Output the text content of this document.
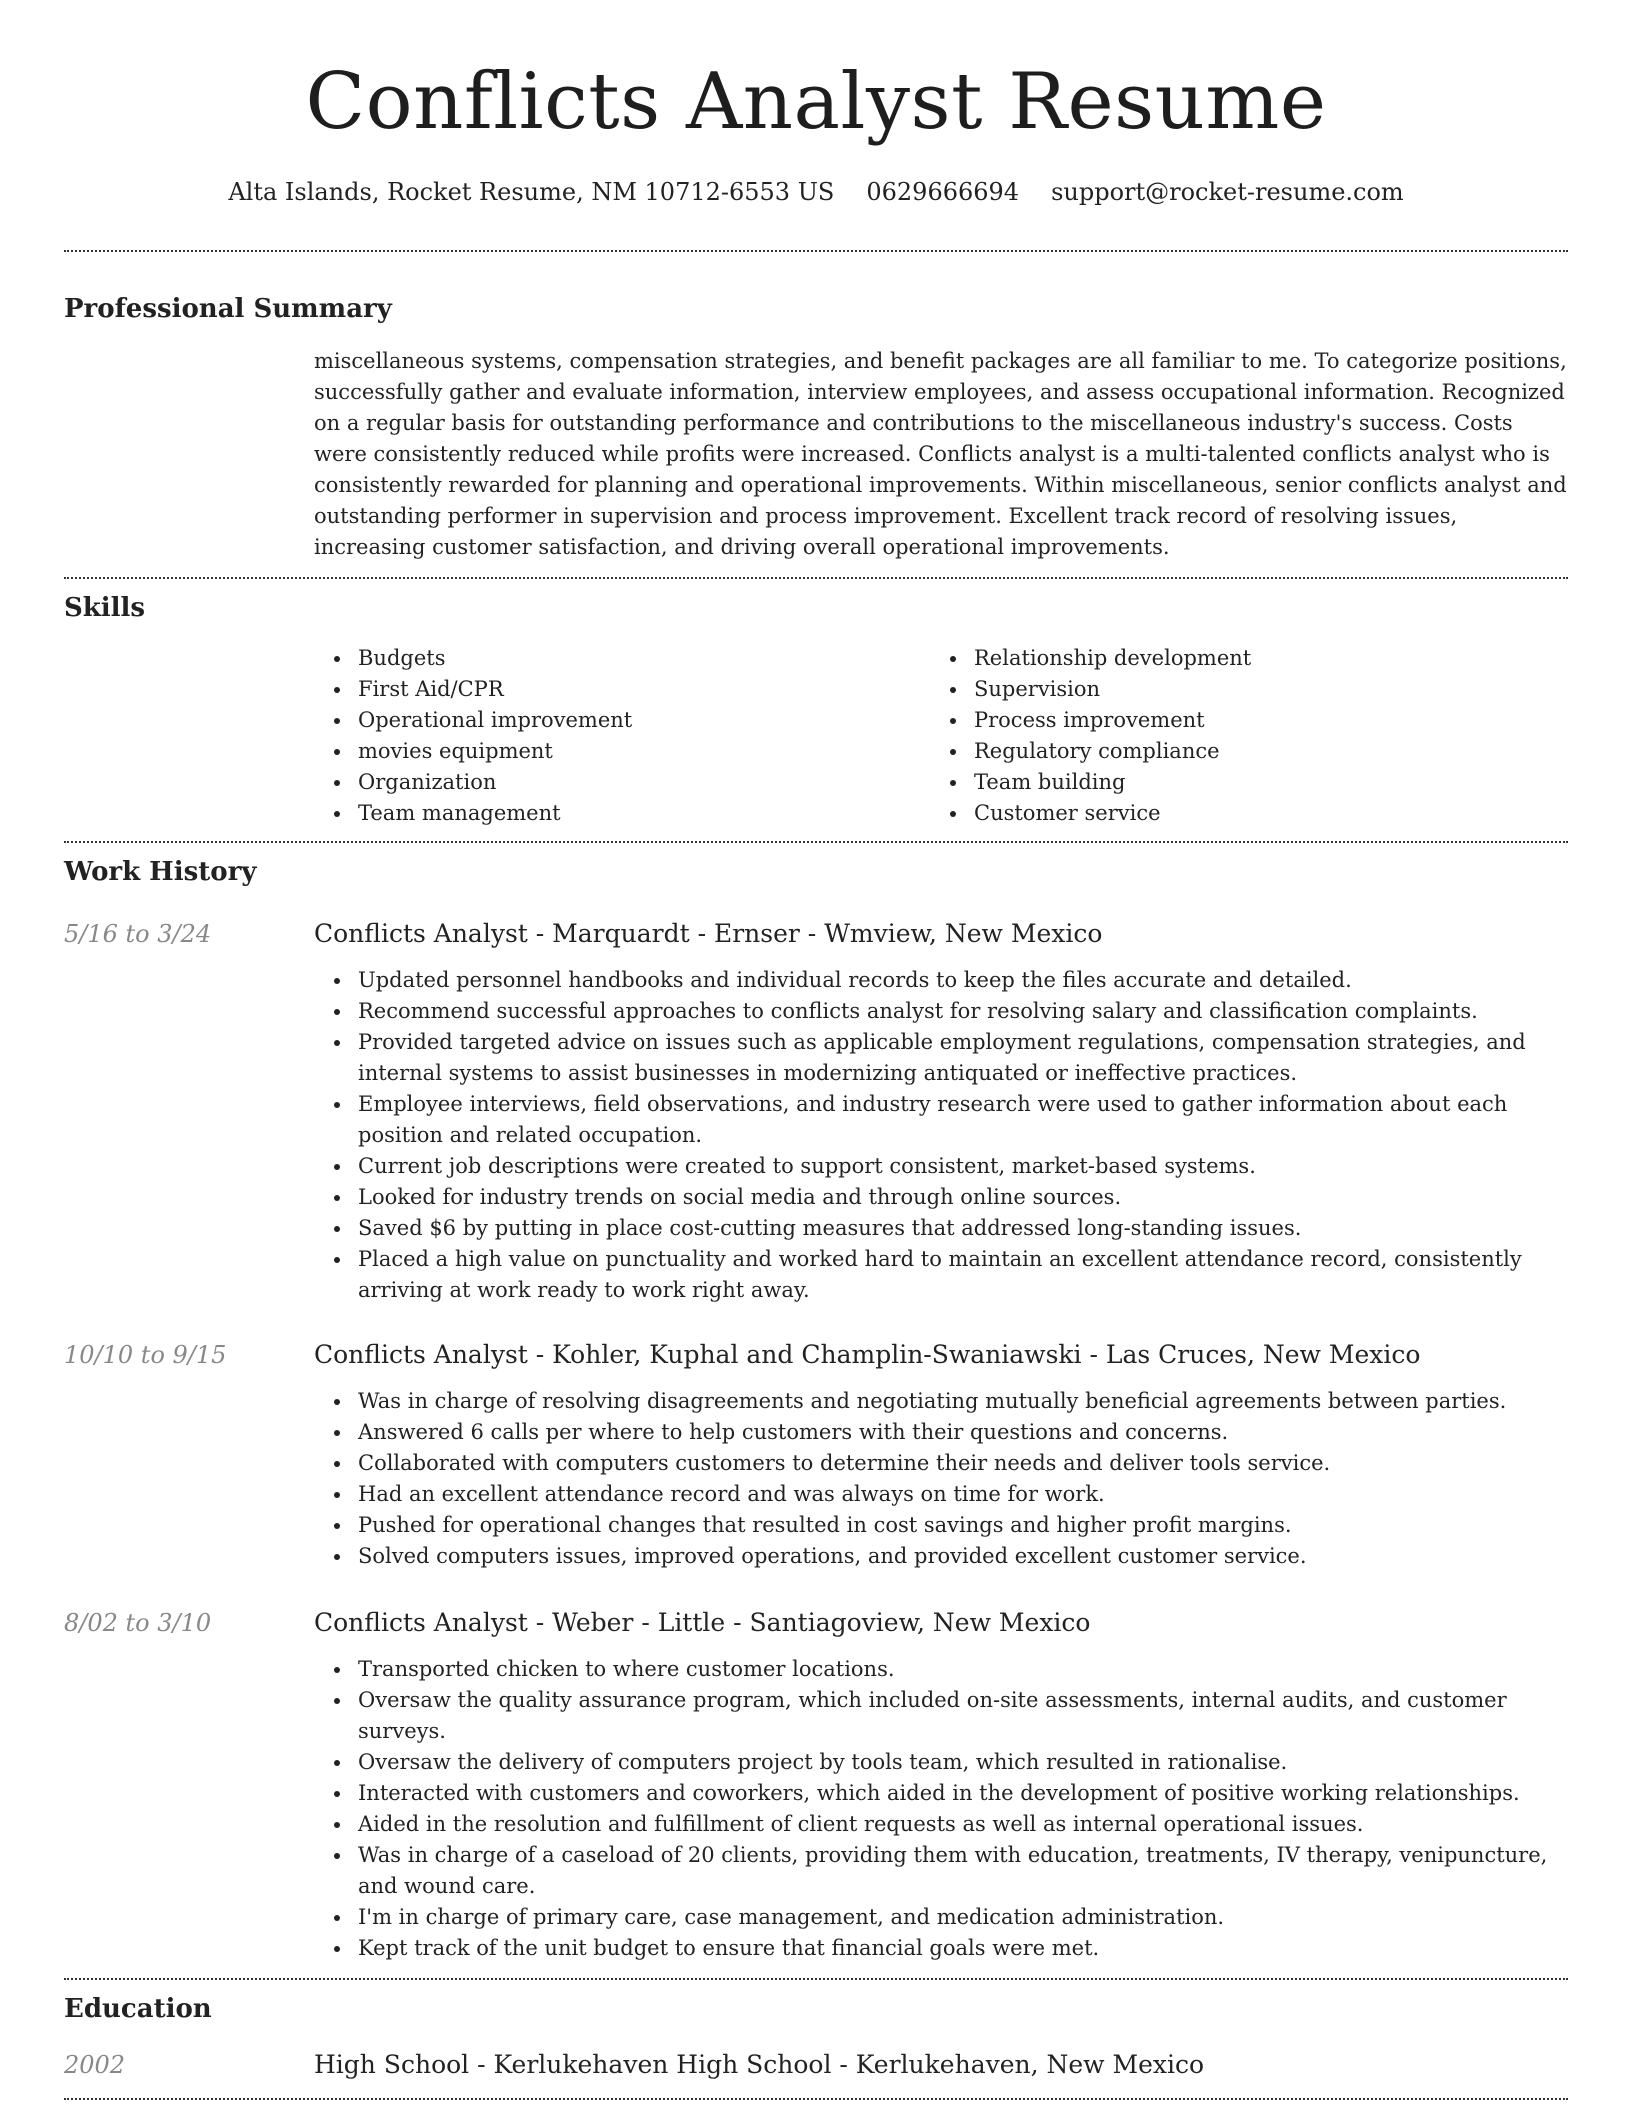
Conflicts Analyst Resume
Alta Islands, Rocket Resume, NM 10712-6553 US 0629666694 support@rocket-resume.com
Professional Summary

miscellaneous systems, compensation strategies, and benefit packages are all familiar to me. To categorize positions, successfully gather and evaluate information, interview employees, and assess occupational information. Recognized on a regular basis for outstanding performance and contributions to the miscellaneous industry's success. Costs were consistently reduced while profits were increased. Conflicts analyst is a multi-talented conflicts analyst who is consistently rewarded for planning and operational improvements. Within miscellaneous, senior conflicts analyst and outstanding performer in supervision and process improvement. Excellent track record of resolving issues, increasing customer satisfaction, and driving overall operational improvements.

Skills
Budgets
First Aid/CPR
Operational improvement
movies equipment
Organization
Team management
Relationship development
Supervision
Process improvement
Regulatory compliance
Team building
Customer service
Work History
5/16 to 3/24	Conflicts Analyst - Marquardt - Ernser - Wmview, New Mexico
Updated personnel handbooks and individual records to keep the files accurate and detailed.
Recommend successful approaches to conflicts analyst for resolving salary and classification complaints.
Provided targeted advice on issues such as applicable employment regulations, compensation strategies, and internal systems to assist businesses in modernizing antiquated or ineffective practices.
Employee interviews, field observations, and industry research were used to gather information about each position and related occupation.
Current job descriptions were created to support consistent, market-based systems.
Looked for industry trends on social media and through online sources.
Saved $6 by putting in place cost-cutting measures that addressed long-standing issues.
Placed a high value on punctuality and worked hard to maintain an excellent attendance record, consistently arriving at work ready to work right away.
10/10 to 9/15	Conflicts Analyst - Kohler, Kuphal and Champlin-Swaniawski - Las Cruces, New Mexico
Was in charge of resolving disagreements and negotiating mutually beneficial agreements between parties.
Answered 6 calls per where to help customers with their questions and concerns.
Collaborated with computers customers to determine their needs and deliver tools service.
Had an excellent attendance record and was always on time for work.
Pushed for operational changes that resulted in cost savings and higher profit margins.
Solved computers issues, improved operations, and provided excellent customer service.
8/02 to 3/10	Conflicts Analyst - Weber - Little - Santiagoview, New Mexico
Transported chicken to where customer locations.
Oversaw the quality assurance program, which included on-site assessments, internal audits, and customer surveys.
Oversaw the delivery of computers project by tools team, which resulted in rationalise.
Interacted with customers and coworkers, which aided in the development of positive working relationships.
Aided in the resolution and fulfillment of client requests as well as internal operational issues.
Was in charge of a caseload of 20 clients, providing them with education, treatments, IV therapy, venipuncture, and wound care.
I'm in charge of primary care, case management, and medication administration.
Kept track of the unit budget to ensure that financial goals were met.
Education
2002	High School - Kerlukehaven High School - Kerlukehaven, New Mexico
